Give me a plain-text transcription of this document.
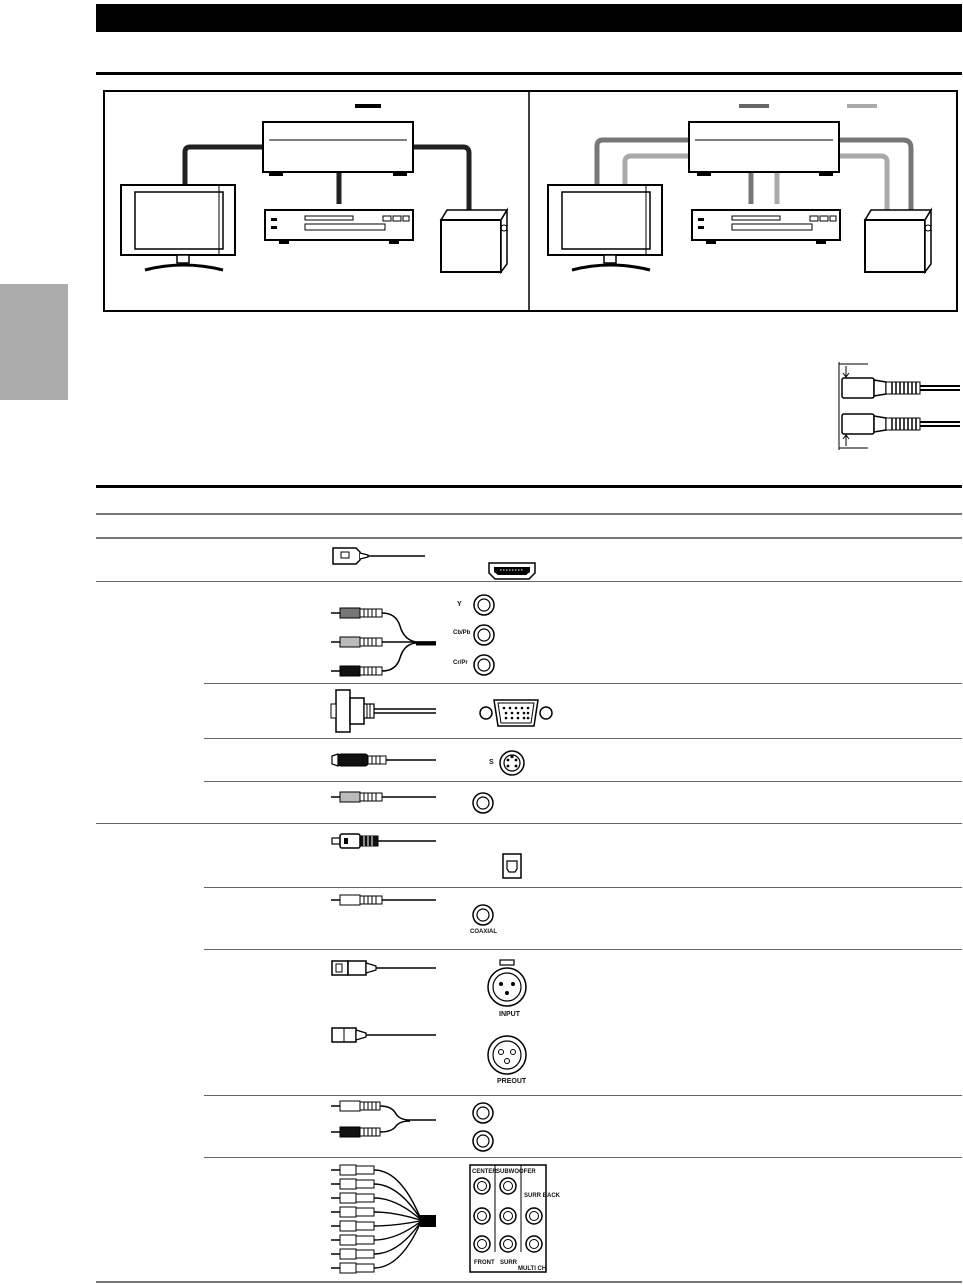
Y
Cb/Pb
Cr/Pr
S
COAXIAL
INPUT
PREOUT
CENTER SUBWOOFER
SURR BACK
FRONT SURR
MULTI CH
